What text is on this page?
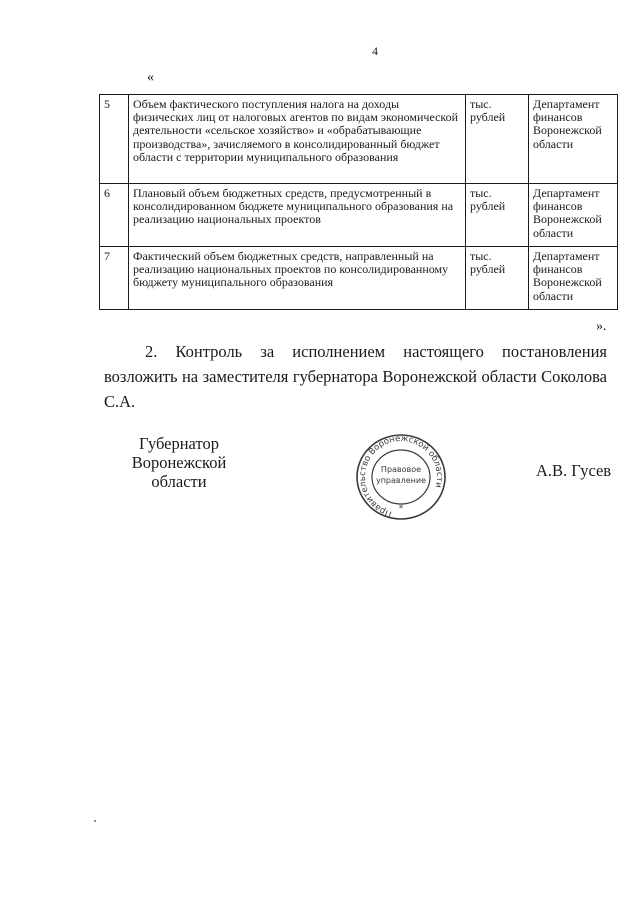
4
«
5	Объем фактического поступления налога на доходы физических лиц от налоговых агентов по видам экономической деятельности «сельское хозяйство» и «обрабатывающие производства», зачисляемого в консолидированный бюджет области с территории муниципального образования	тыс. рублей	Департамент финансов Воронежской области
6	Плановый объем бюджетных средств, предусмотренный в консолидированном бюджете муниципального образования на реализацию национальных проектов	тыс. рублей	Департамент финансов Воронежской области
7	Фактический объем бюджетных средств, направленный на реализацию национальных проектов по консолидированному бюджету муниципального образования	тыс. рублей	Департамент финансов Воронежской области
».
2. Контроль за исполнением настоящего постановления возложить на заместителя губернатора Воронежской области Соколова С.А.
Губернатор
Воронежской области
Правительство Воронежской области
Правовое
управление
*
А.В. Гусев
